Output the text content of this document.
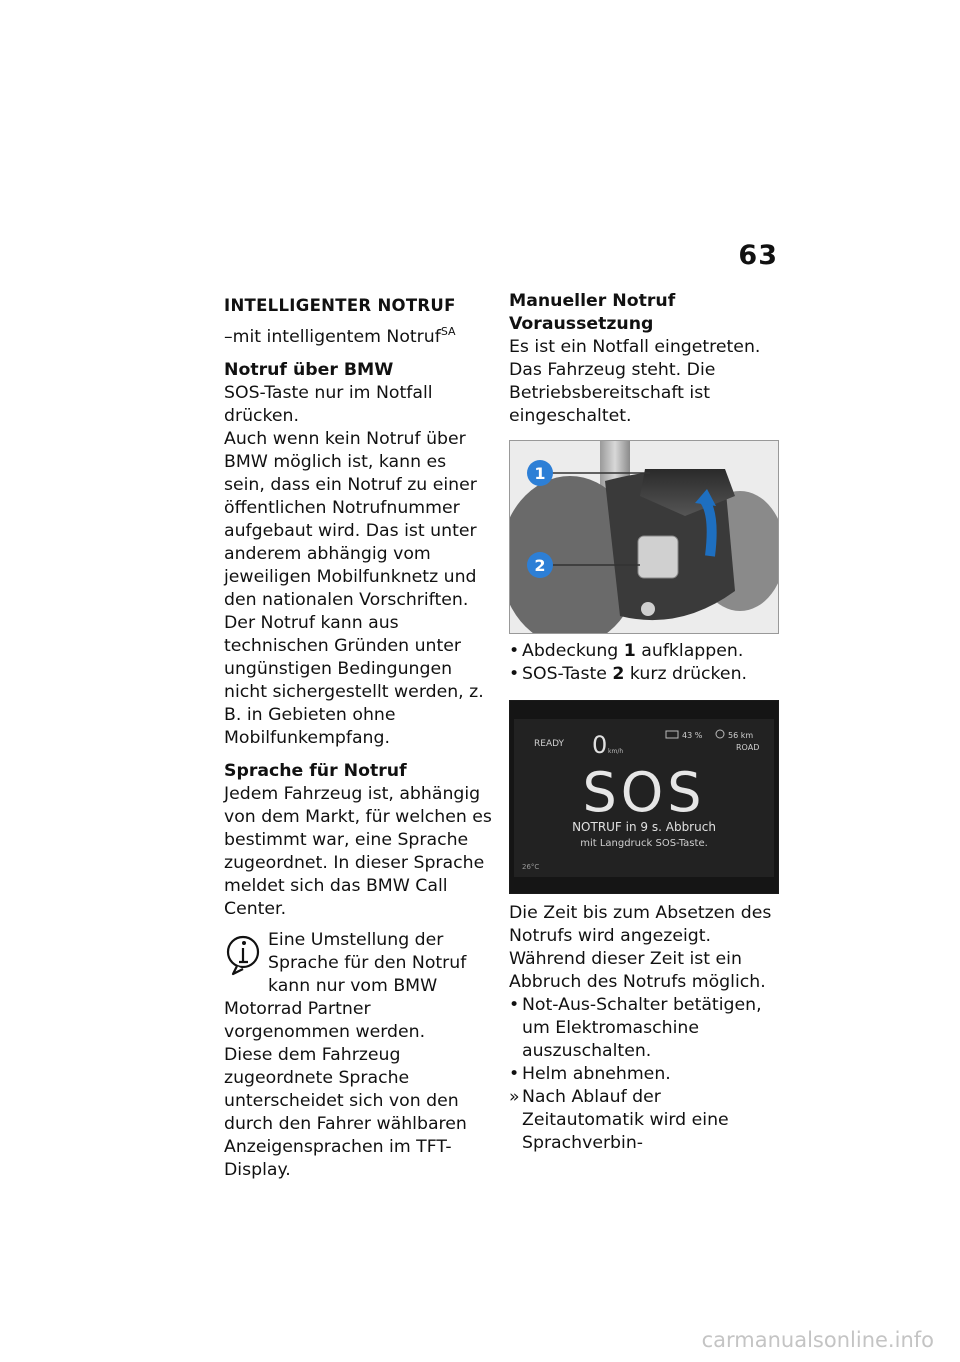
63
INTELLIGENTER NOTRUF
–mit intelligentem Notruf$^{SA}$

Notruf über BMW

SOS-Taste nur im Notfall drücken.

Auch wenn kein Notruf über BMW möglich ist, kann es sein, dass ein Notruf zu einer öffentlichen Notrufnummer aufgebaut wird. Das ist unter anderem abhängig vom jeweiligen Mobilfunknetz und den nationalen Vorschriften.

Der Notruf kann aus technischen Gründen unter ungünstigen Bedingungen nicht sichergestellt werden, z. B. in Gebieten ohne Mobilfunkempfang.

Sprache für Notruf

Jedem Fahrzeug ist, abhängig von dem Markt, für welchen es bestimmt war, eine Sprache zugeordnet. In dieser Sprache meldet sich das BMW Call Center.

Eine Umstellung der Sprache für den Notruf kann nur vom BMW Motorrad Partner vorgenommen werden.

Diese dem Fahrzeug zugeordnete Sprache unterscheidet sich von den durch den Fahrer wählbaren Anzeigensprachen im TFT-Display.

Manueller Notruf

Voraussetzung

Es ist ein Notfall eingetreten. Das Fahrzeug steht. Die Betriebsbereitschaft ist eingeschaltet.

1
2
• Abdeckung 1 aufklappen.
• SOS-Taste 2 kurz drücken.
READY 0 km/h
43 %	56 km
ROAD
SOS
NOTRUF in 9 s. Abbruch
mit Langdruck SOS-Taste.
26°C

Die Zeit bis zum Absetzen des Notrufs wird angezeigt. Während dieser Zeit ist ein Abbruch des Notrufs möglich.

• Not-Aus-Schalter betätigen, um Elektromaschine auszuschalten.
• Helm abnehmen.
» Nach Ablauf der Zeitautomatik wird eine Sprachverbin-
carmanualsonline.info
